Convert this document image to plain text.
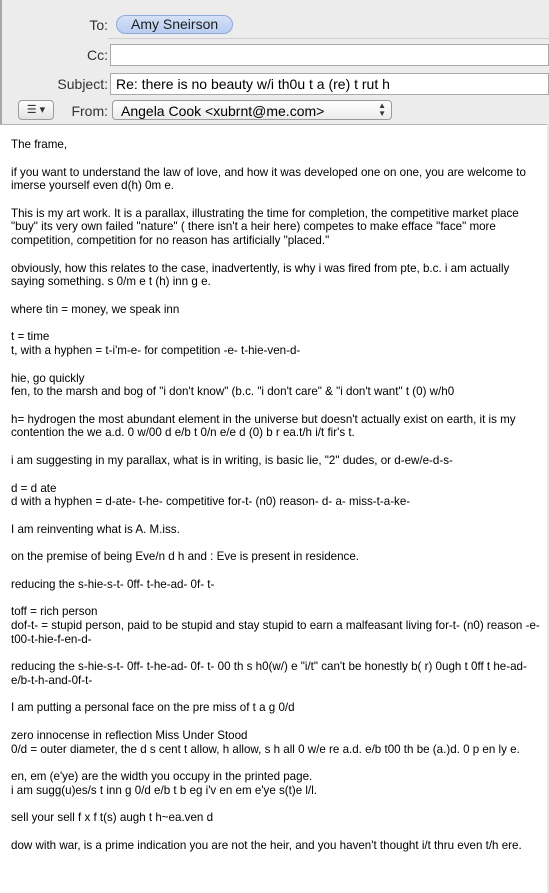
To:	Amy Sneirson
Cc:
Subject: Re: there is no beauty w/i th0u t a (re) t rut h
☰ ▾	From: Angela Cook <xubrnt@me.com>	▲
▼

The frame,

if you want to understand the law of love, and how it was developed one on one, you are welcome to imerse yourself even d(h) 0m e.

This is my art work. It is a parallax, illustrating the time for completion, the competitive market place "buy" its very own failed "nature" ( there isn't a heir here) competes to make efface "face" more competition, competition for no reason has artificially "placed."

obviously, how this relates to the case, inadvertently, is why i was fired from pte, b.c. i am actually saying something. s 0/m e t (h) inn g e.

where tin = money, we speak inn

t = time
t, with a hyphen = t-i'm-e- for competition -e- t-hie-ven-d-

hie, go quickly
fen, to the marsh and bog of "i don't know" (b.c. "i don't care" & "i don't want" t (0) w/h0

h= hydrogen the most abundant element in the universe but doesn't actually exist on earth, it is my contention the we a.d. 0 w/00 d e/b t 0/n e/e d (0) b r ea.t/h i/t fir's t.

i am suggesting in my parallax, what is in writing, is basic lie, "2" dudes, or d-ew/e-d-s-

d = d ate
d with a hyphen = d-ate- t-he- competitive for-t- (n0) reason- d- a- miss-t-a-ke-

I am reinventing what is A. M.iss.

on the premise of being Eve/n d h and : Eve is present in residence.

reducing the s-hie-s-t- 0ff- t-he-ad- 0f- t-

toff = rich person
dof-t- = stupid person, paid to be stupid and stay stupid to earn a malfeasant living for-t- (n0) reason -e- t00-t-hie-f-en-d-

reducing the s-hie-s-t- 0ff- t-he-ad- 0f- t- 00 th s h0(w/) e "i/t" can't be honestly b( r) 0ugh t 0ff t he-ad-e/b-t-h-and-0f-t-

I am putting a personal face on the pre miss of t a g 0/d

zero innocense in reflection Miss Under Stood
0/d = outer diameter, the d s cent t allow, h allow, s h all 0 w/e re a.d. e/b t00 th be (a.)d. 0 p en ly e.

en, em (e'ye) are the width you occupy in the printed page.
i am sugg(u)es/s t inn g 0/d e/b t b eg i'v en em e'ye s(t)e l/l.

sell your sell f x f t(s) augh t h~ea.ven d

dow with war, is a prime indication you are not the heir, and you haven't thought i/t thru even t/h ere.
